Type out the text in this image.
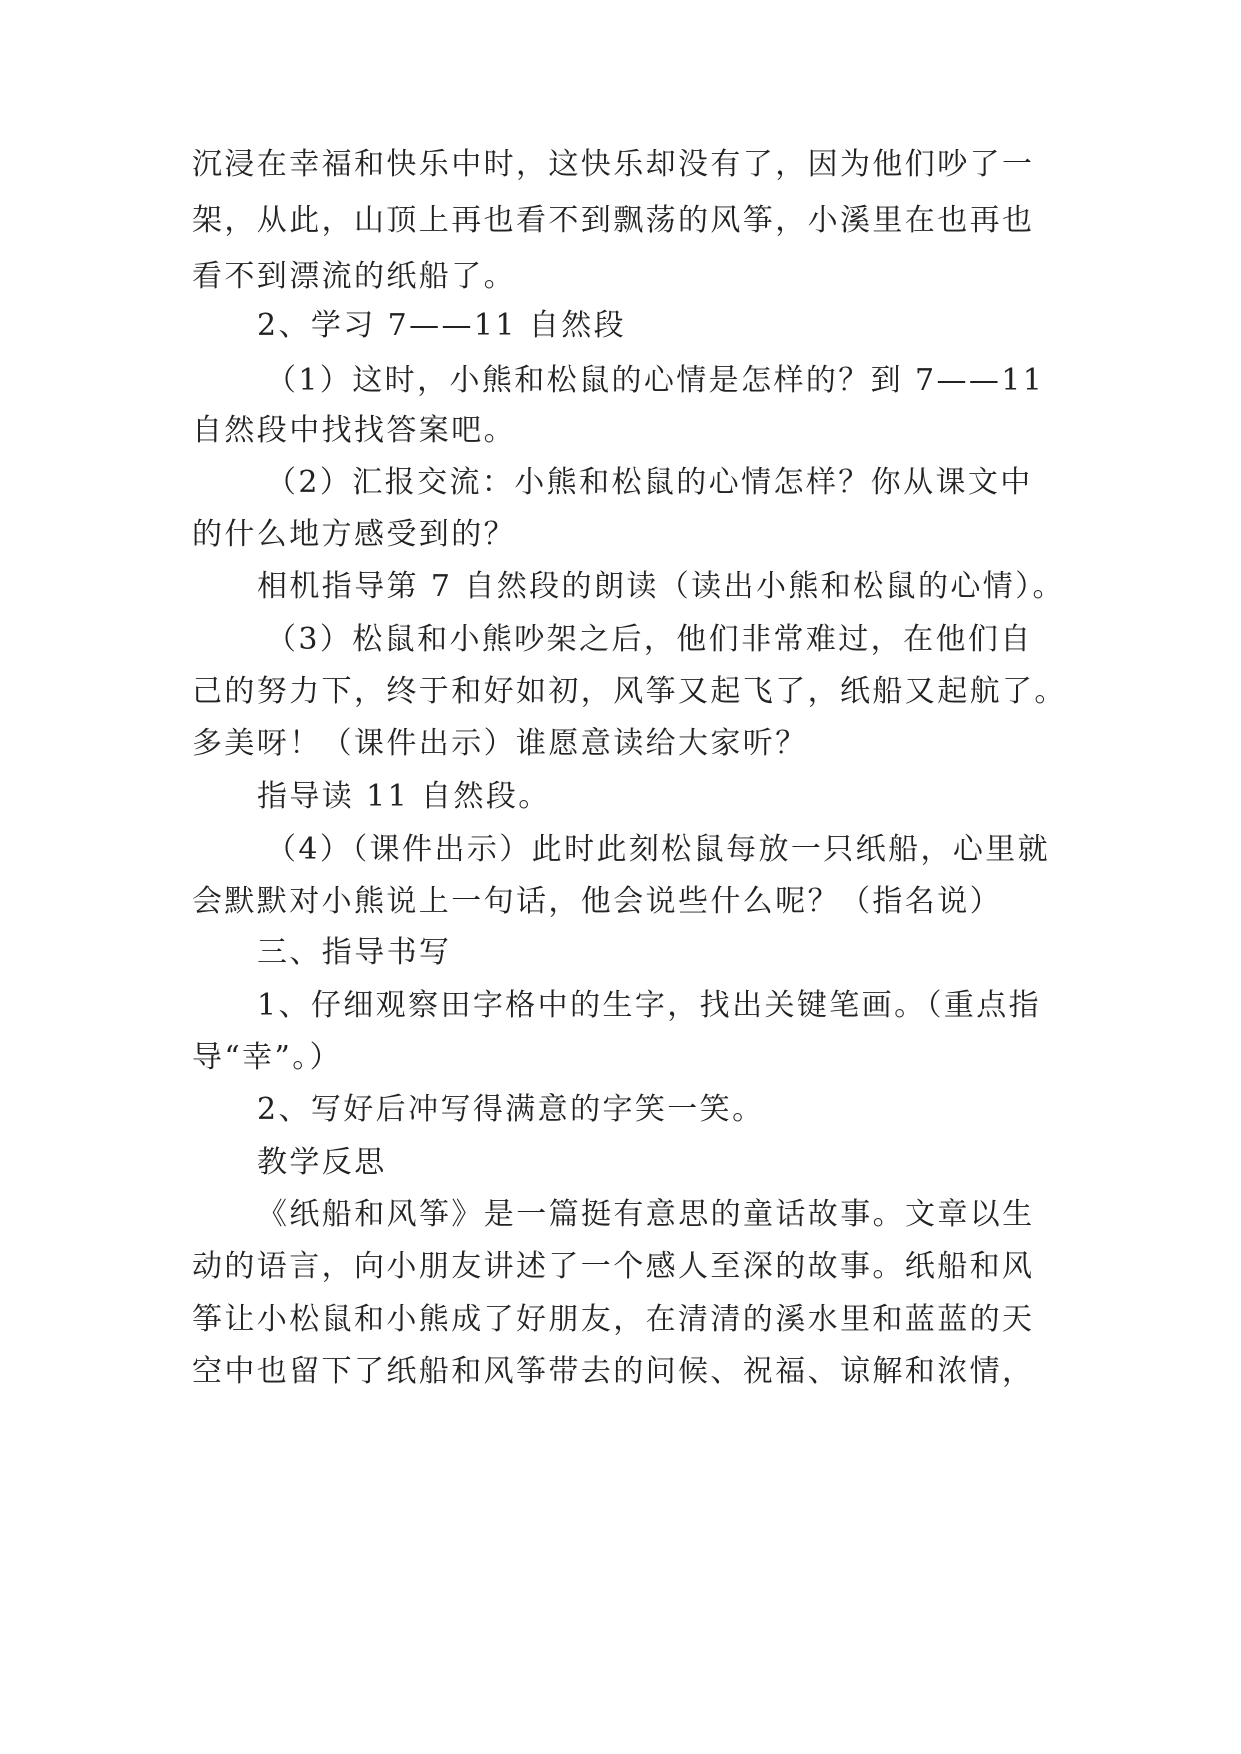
沉浸在幸福和快乐中时，这快乐却没有了，因为他们吵了一

架，从此，山顶上再也看不到飘荡的风筝，小溪里在也再也

看不到漂流的纸船了。

2、学习 7——11 自然段

（1）这时，小熊和松鼠的心情是怎样的？到 7——11

自然段中找找答案吧。

（2）汇报交流：小熊和松鼠的心情怎样？你从课文中

的什么地方感受到的？

相机指导第 7 自然段的朗读（读出小熊和松鼠的心情）。

（3）松鼠和小熊吵架之后，他们非常难过，在他们自

己的努力下，终于和好如初，风筝又起飞了，纸船又起航了。

多美呀！（课件出示）谁愿意读给大家听？

指导读 11 自然段。

（4）（课件出示）此时此刻松鼠每放一只纸船，心里就

会默默对小熊说上一句话，他会说些什么呢？（指名说）

三、指导书写

1、仔细观察田字格中的生字，找出关键笔画。（重点指

导“幸”。）

2、写好后冲写得满意的字笑一笑。

教学反思

《纸船和风筝》是一篇挺有意思的童话故事。文章以生

动的语言，向小朋友讲述了一个感人至深的故事。纸船和风

筝让小松鼠和小熊成了好朋友，在清清的溪水里和蓝蓝的天

空中也留下了纸船和风筝带去的问候、祝福、谅解和浓情，
